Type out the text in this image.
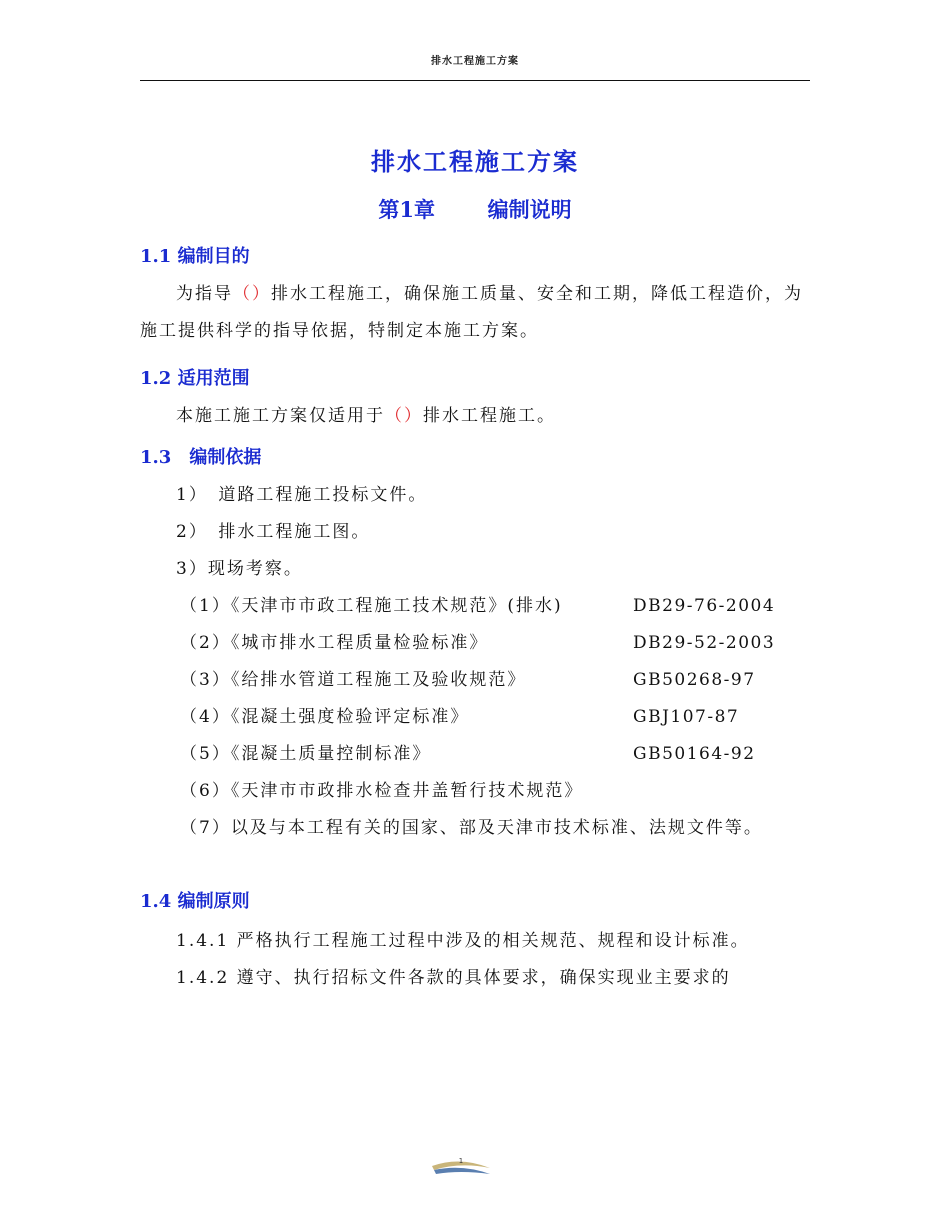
排水工程施工方案
排水工程施工方案
第1章	编制说明
1.1 编制目的

为指导（）排水工程施工，确保施工质量、安全和工期，降低工程造价，为施工提供科学的指导依据，特制定本施工方案。

1.2 适用范围

本施工施工方案仅适用于（）排水工程施工。

1.3　编制依据
1）　道路工程施工投标文件。
2）　排水工程施工图。
3）现场考察。
（1）《天津市市政工程施工技术规范》(排水)	DB29-76-2004
（2）《城市排水工程质量检验标准》	DB29-52-2003
（3）《给排水管道工程施工及验收规范》	GB50268-97
（4）《混凝土强度检验评定标准》	GBJ107-87
（5）《混凝土质量控制标准》	GB50164-92
（6）《天津市市政排水检查井盖暂行技术规范》

（7）以及与本工程有关的国家、部及天津市技术标准、法规文件等。

1.4 编制原则

1.4.1 严格执行工程施工过程中涉及的相关规范、规程和设计标准。

1.4.2 遵守、执行招标文件各款的具体要求，确保实现业主要求的

1
